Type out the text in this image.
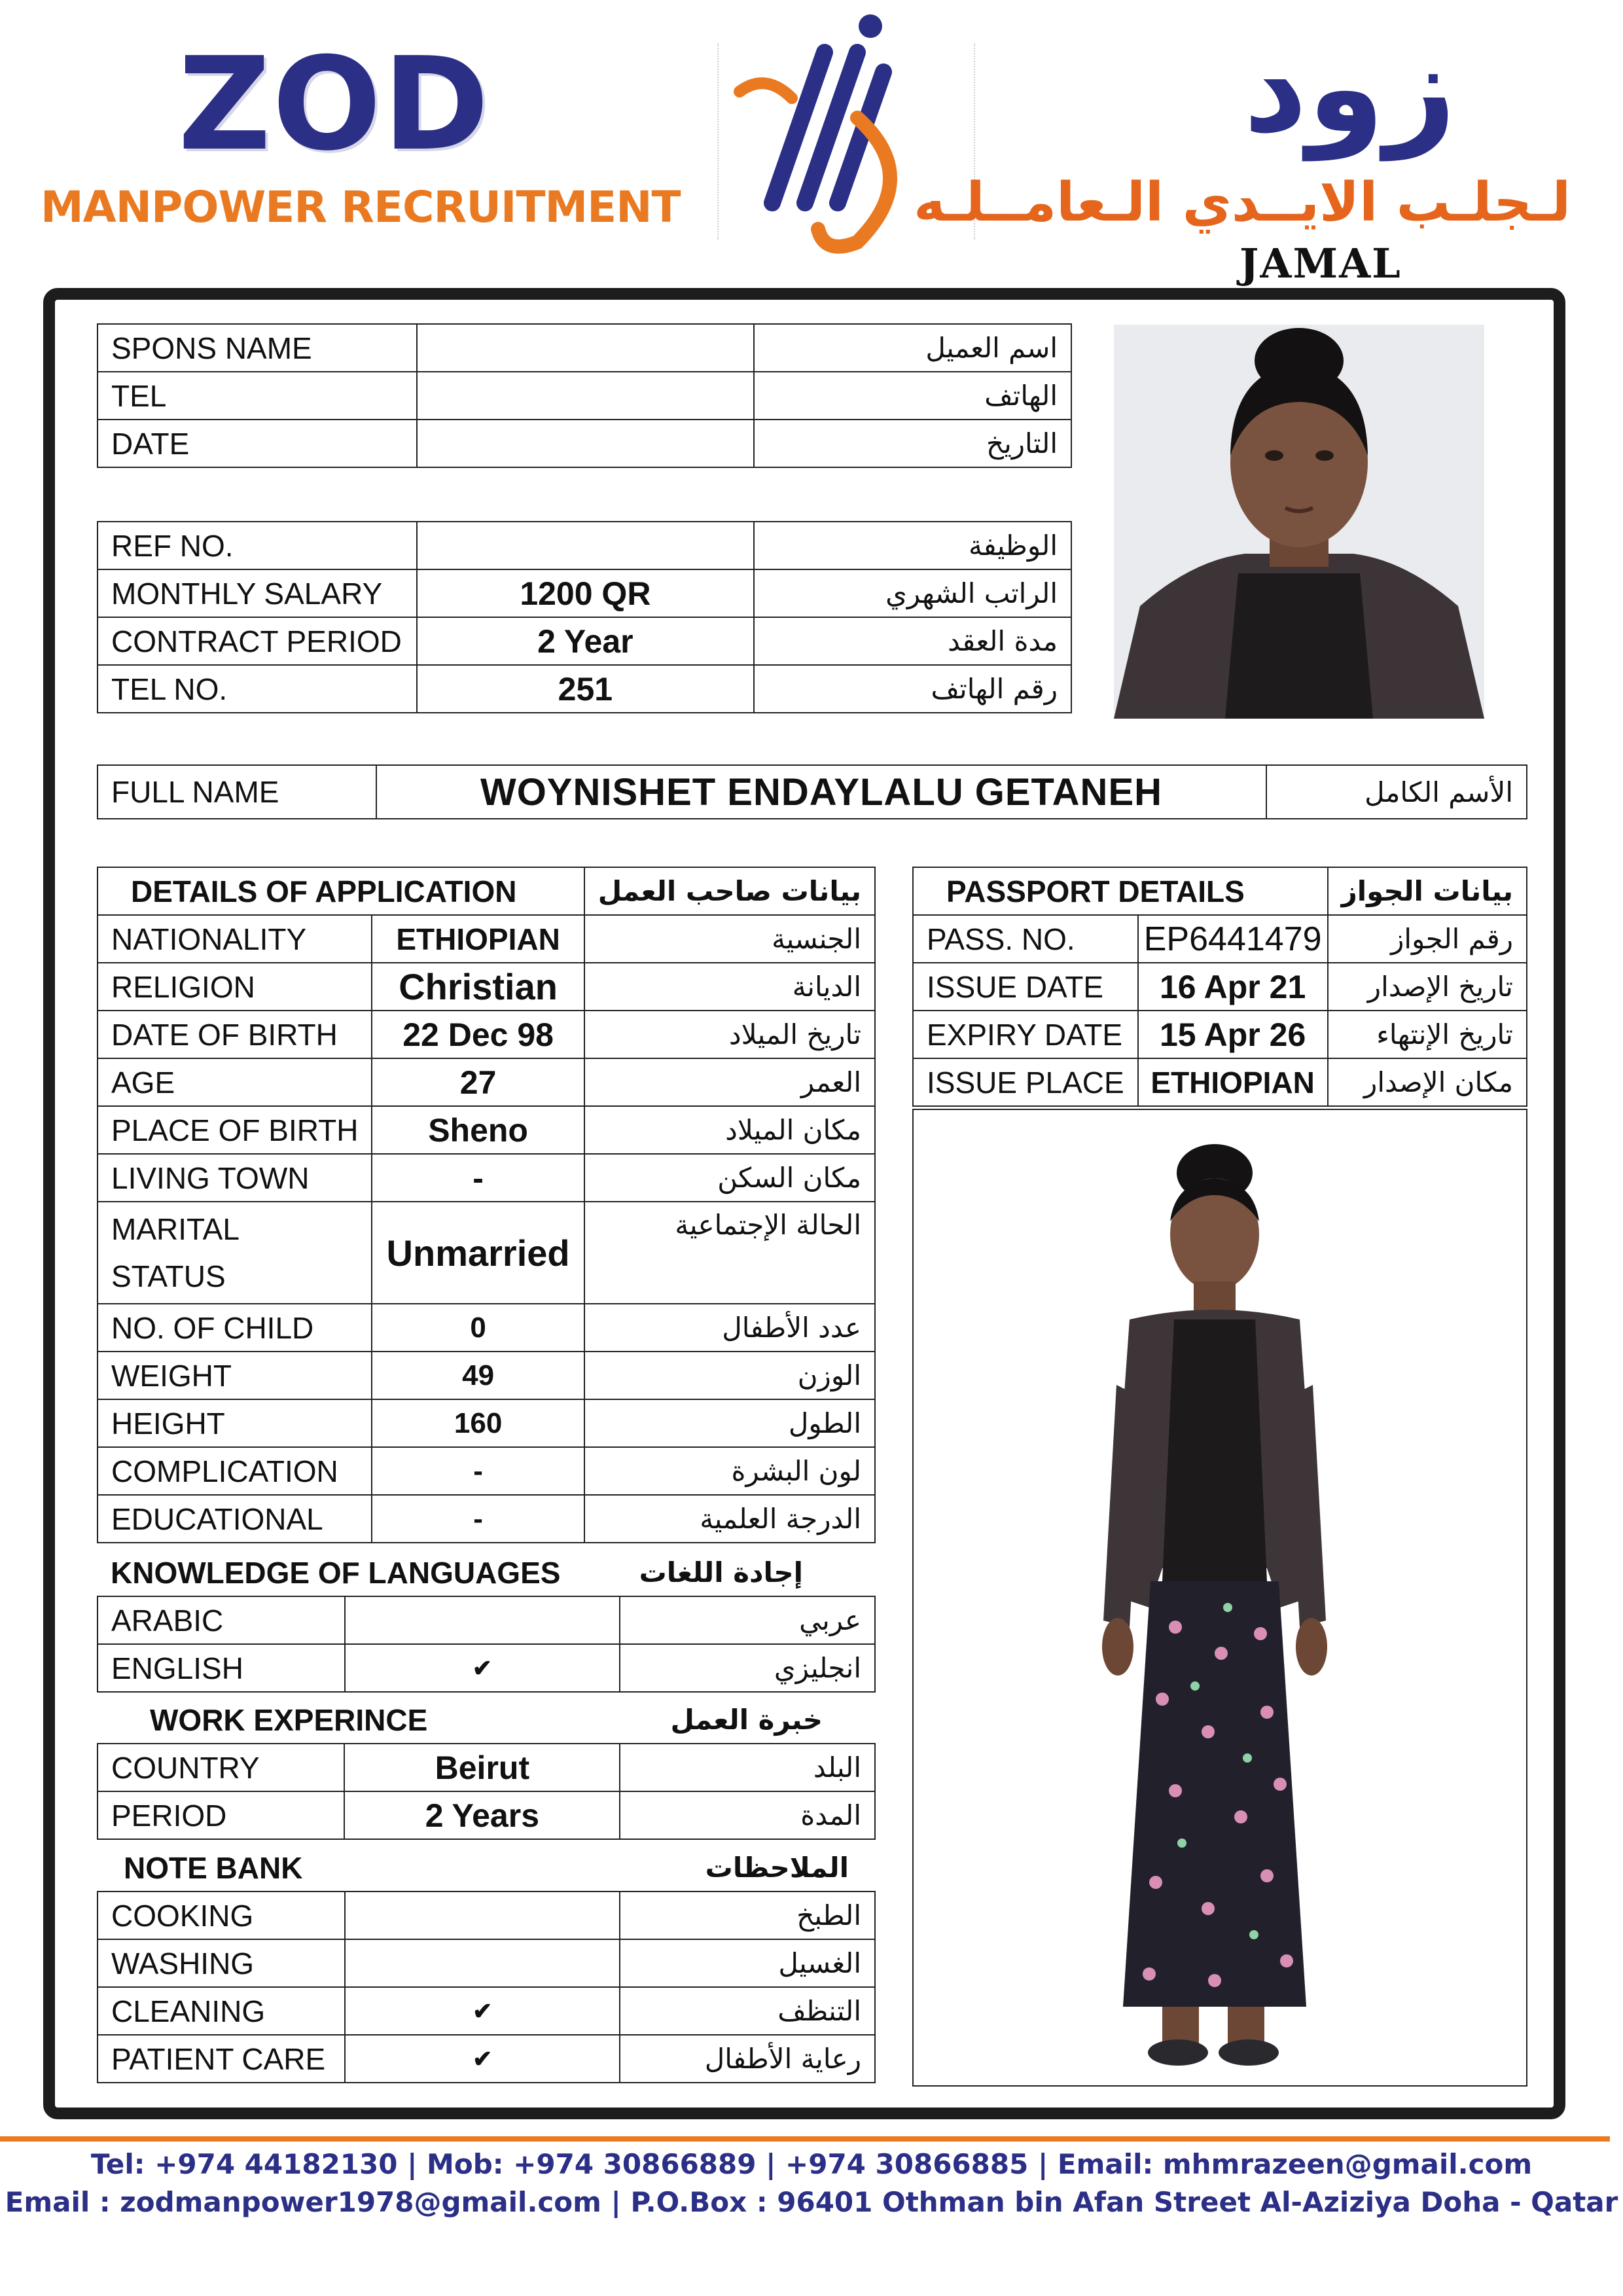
ZOD
MANPOWER RECRUITMENT
زود
لـجلـب الايــدي الـعامــلـه
JAMAL
SPONS NAME		اسم العميل
TEL		الهاتف
DATE		التاريخ
REF NO.		الوظيفة
MONTHLY SALARY	1200 QR	الراتب الشهري
CONTRACT PERIOD	2 Year	مدة العقد
TEL NO.	251	رقم الهاتف
FULL NAME	WOYNISHET ENDAYLALU GETANEH	الأسم الكامل
DETAILS OF APPLICATION		بيانات صاحب العمل
NATIONALITY	ETHIOPIAN	الجنسية
RELIGION	Christian	الديانة
DATE OF BIRTH	22 Dec 98	تاريخ الميلاد
AGE	27	العمر
PLACE OF BIRTH	Sheno	مكان الميلاد
LIVING TOWN	-	مكان السكن
MARITAL
STATUS	Unmarried	الحالة الإجتماعية
NO. OF CHILD	0	عدد الأطفال
WEIGHT	49	الوزن
HEIGHT	160	الطول
COMPLICATION	-	لون البشرة
EDUCATIONAL	-	الدرجة العلمية
KNOWLEDGE OF LANGUAGES		إجادة اللغات
ARABIC		عربي
ENGLISH	✔	انجليزي
WORK EXPERINCE		خبرة العمل
COUNTRY	Beirut	البلد
PERIOD	2 Years	المدة
NOTE BANK		الملاحظات
COOKING		الطبخ
WASHING		الغسيل
CLEANING	✔	التنظف
PATIENT CARE	✔	رعاية الأطفال
PASSPORT DETAILS		بيانات الجواز
PASS. NO.	EP6441479	رقم الجواز
ISSUE DATE	16 Apr 21	تاريخ الإصدار
EXPIRY DATE	15 Apr 26	تاريخ الإنتهاء
ISSUE PLACE	ETHIOPIAN	مكان الإصدار
Tel: +974 44182130 | Mob: +974 30866889 | +974 30866885 | Email: mhmrazeen@gmail.com
Email : zodmanpower1978@gmail.com | P.O.Box : 96401 Othman bin Afan Street Al-Aziziya Doha - Qatar
